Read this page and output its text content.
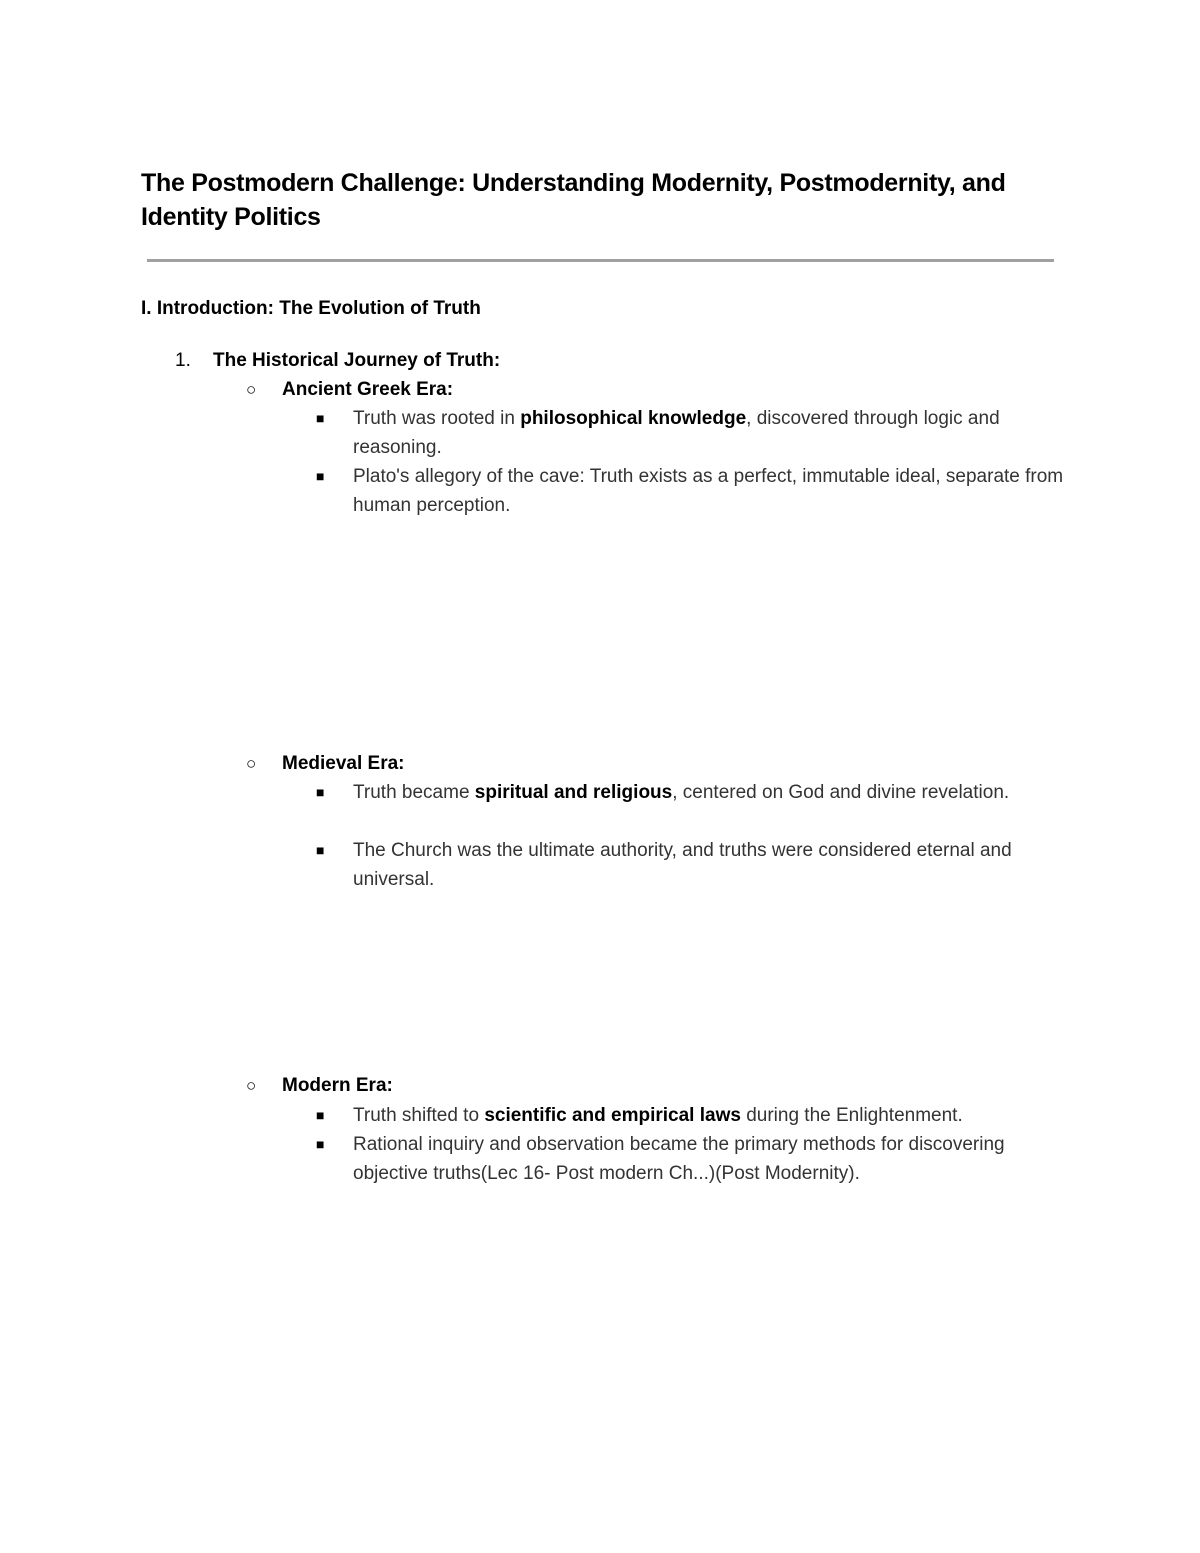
The Postmodern Challenge: Understanding Modernity, Postmodernity, and Identity Politics
I. Introduction: The Evolution of Truth
1. The Historical Journey of Truth:
○ Ancient Greek Era:
■ Truth was rooted in philosophical knowledge, discovered through logic and reasoning.
■ Plato's allegory of the cave: Truth exists as a perfect, immutable ideal, separate from human perception.
○ Medieval Era:
■ Truth became spiritual and religious, centered on God and divine revelation.
■ The Church was the ultimate authority, and truths were considered eternal and universal.
○ Modern Era:
■ Truth shifted to scientific and empirical laws during the Enlightenment.
■ Rational inquiry and observation became the primary methods for discovering objective truths(Lec 16- Post modern Ch...)(Post Modernity).
